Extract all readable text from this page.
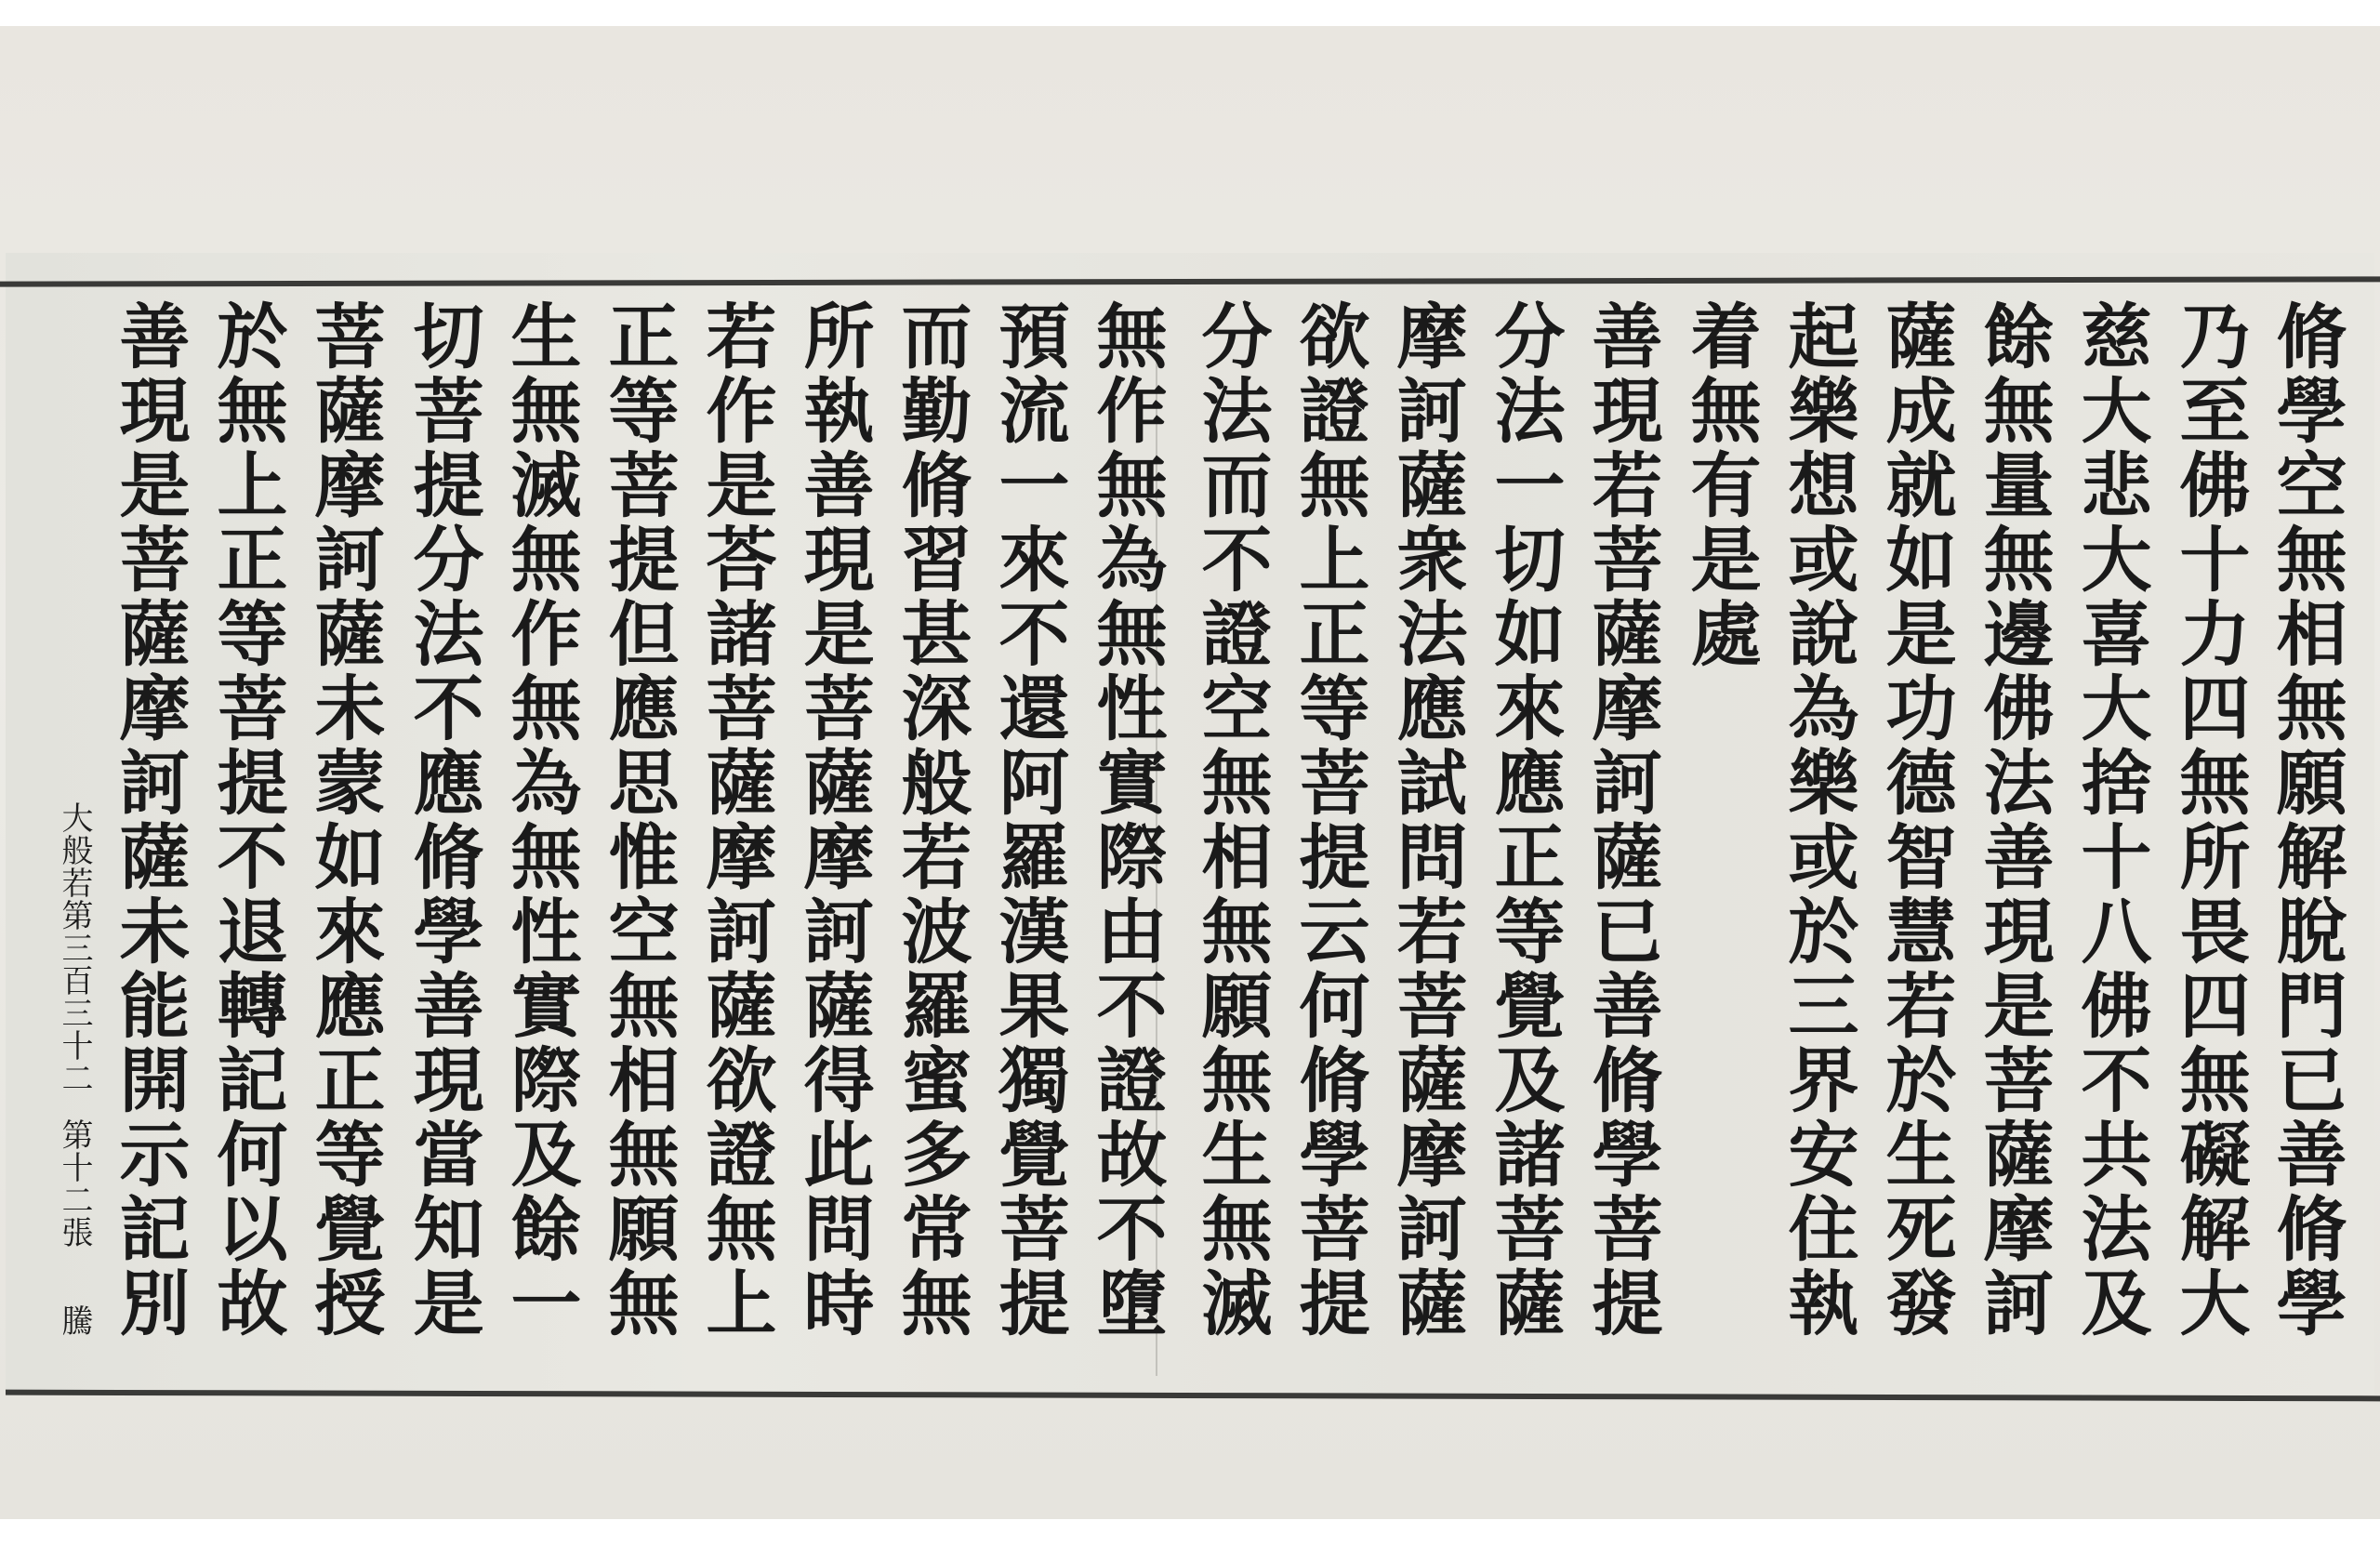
脩學空無相無願解脫門已善脩學
乃至佛十力四無所畏四無礙解大
慈大悲大喜大捨十八佛不共法及
餘無量無邊佛法善現是菩薩摩訶
薩成就如是功德智慧若於生死發
起樂想或說為樂或於三界安住執
着無有是處
善現若菩薩摩訶薩已善脩學菩提
分法一切如來應正等覺及諸菩薩
摩訶薩衆法應試問若菩薩摩訶薩
欲證無上正等菩提云何脩學菩提
分法而不證空無相無願無生無滅
無作無為無性實際由不證故不墮
預流一來不還阿羅漢果獨覺菩提
而勤脩習甚深般若波羅蜜多常無
所執善現是菩薩摩訶薩得此問時
若作是荅諸菩薩摩訶薩欲證無上
正等菩提但應思惟空無相無願無
生無滅無作無為無性實際及餘一
切菩提分法不應脩學善現當知是
菩薩摩訶薩未蒙如來應正等覺授
於無上正等菩提不退轉記何以故
善現是菩薩摩訶薩未能開示記別
大般若第三百三十二第十二張騰
